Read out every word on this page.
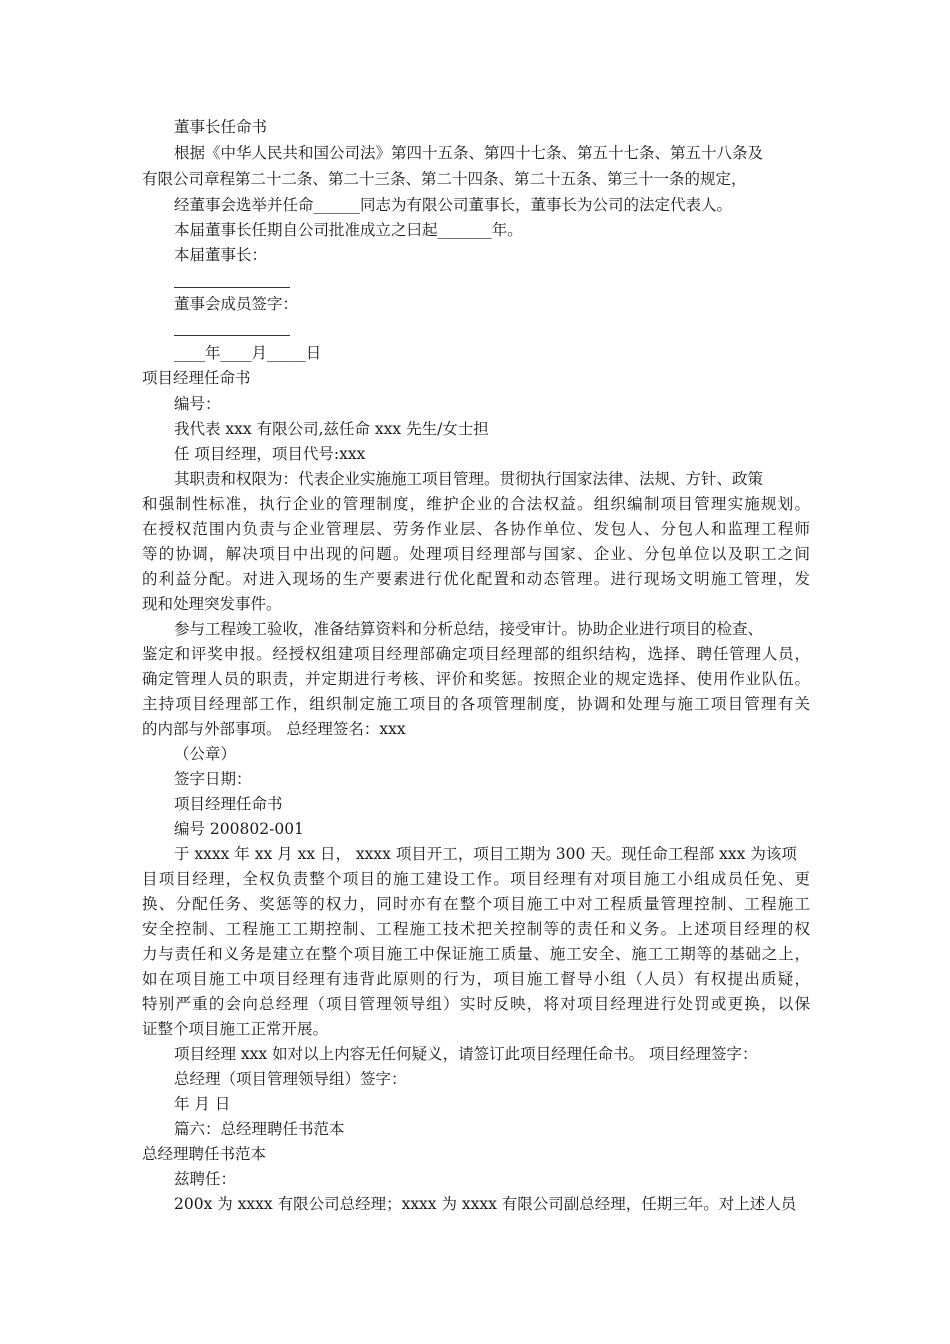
董事长任命书
根据《中华人民共和国公司法》第四十五条、第四十七条、第五十七条、第五十八条及
有限公司章程第二十二条、第二十三条、第二十四条、第二十五条、第三十一条的规定，
经董事会选举并任命______同志为有限公司董事长，董事长为公司的法定代表人。
本届董事长任期自公司批准成立之曰起_______年。
本届董事长：
董事会成员签字：
____年____月_____日
项目经理任命书
编号：
我代表 xxx 有限公司,兹任命 xxx 先生/女士担
任 项目经理，项目代号:xxx
其职责和权限为：代表企业实施施工项目管理。贯彻执行国家法律、法规、方针、政策
和强制性标准，执行企业的管理制度，维护企业的合法权益。组织编制项目管理实施规划。
在授权范围内负责与企业管理层、劳务作业层、各协作单位、发包人、分包人和监理工程师
等的协调，解决项目中出现的问题。处理项目经理部与国家、企业、分包单位以及职工之间
的利益分配。对进入现场的生产要素进行优化配置和动态管理。进行现场文明施工管理，发
现和处理突发事件。
参与工程竣工验收，准备结算资料和分析总结，接受审计。协助企业进行项目的检查、
鉴定和评奖申报。经授权组建项目经理部确定项目经理部的组织结构，选择、聘任管理人员，
确定管理人员的职责，并定期进行考核、评价和奖惩。按照企业的规定选择、使用作业队伍。
主持项目经理部工作，组织制定施工项目的各项管理制度，协调和处理与施工项目管理有关
的内部与外部事项。 总经理签名：xxx
（公章）
签字日期：
项目经理任命书
编号 200802-001
于 xxxx 年 xx 月 xx 日， xxxx 项目开工，项目工期为 300 天。现任命工程部 xxx 为该项
目项目经理，全权负责整个项目的施工建设工作。项目经理有对项目施工小组成员任免、更
换、分配任务、奖惩等的权力，同时亦有在整个项目施工中对工程质量管理控制、工程施工
安全控制、工程施工工期控制、工程施工技术把关控制等的责任和义务。上述项目经理的权
力与责任和义务是建立在整个项目施工中保证施工质量、施工安全、施工工期等的基础之上，
如在项目施工中项目经理有违背此原则的行为，项目施工督导小组（人员）有权提出质疑，
特别严重的会向总经理（项目管理领导组）实时反映，将对项目经理进行处罚或更换，以保
证整个项目施工正常开展。
项目经理 xxx 如对以上内容无任何疑义，请签订此项目经理任命书。 项目经理签字：
总经理（项目管理领导组）签字：
年 月 日
篇六：总经理聘任书范本
总经理聘任书范本
兹聘任：
200x 为 xxxx 有限公司总经理；xxxx 为 xxxx 有限公司副总经理，任期三年。对上述人员
